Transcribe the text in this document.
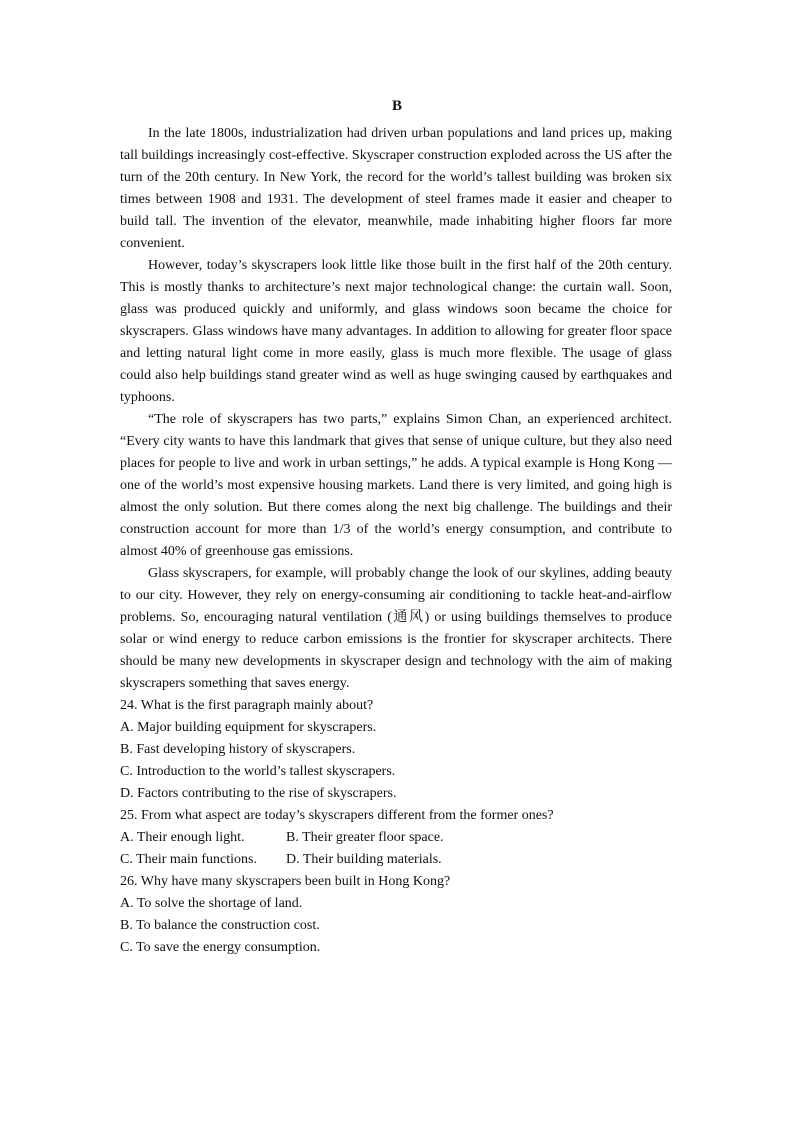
B

In the late 1800s, industrialization had driven urban populations and land prices up, making tall buildings increasingly cost-effective. Skyscraper construction exploded across the US after the turn of the 20th century. In New York, the record for the world’s tallest building was broken six times between 1908 and 1931. The development of steel frames made it easier and cheaper to build tall. The invention of the elevator, meanwhile, made inhabiting higher floors far more convenient.

However, today’s skyscrapers look little like those built in the first half of the 20th century. This is mostly thanks to architecture’s next major technological change: the curtain wall. Soon, glass was produced quickly and uniformly, and glass windows soon became the choice for skyscrapers. Glass windows have many advantages. In addition to allowing for greater floor space and letting natural light come in more easily, glass is much more flexible. The usage of glass could also help buildings stand greater wind as well as huge swinging caused by earthquakes and typhoons.

“The role of skyscrapers has two parts,” explains Simon Chan, an experienced architect. “Every city wants to have this landmark that gives that sense of unique culture, but they also need places for people to live and work in urban settings,” he adds. A typical example is Hong Kong — one of the world’s most expensive housing markets. Land there is very limited, and going high is almost the only solution. But there comes along the next big challenge. The buildings and their construction account for more than 1/3 of the world’s energy consumption, and contribute to almost 40% of greenhouse gas emissions.

Glass skyscrapers, for example, will probably change the look of our skylines, adding beauty to our city. However, they rely on energy-consuming air conditioning to tackle heat-and-airflow problems. So, encouraging natural ventilation (通风) or using buildings themselves to produce solar or wind energy to reduce carbon emissions is the frontier for skyscraper architects. There should be many new developments in skyscraper design and technology with the aim of making skyscrapers something that saves energy.

24. What is the first paragraph mainly about?

A. Major building equipment for skyscrapers.

B. Fast developing history of skyscrapers.

C. Introduction to the world’s tallest skyscrapers.

D. Factors contributing to the rise of skyscrapers.

25. From what aspect are today’s skyscrapers different from the former ones?

A. Their enough light.	B. Their greater floor space.

C. Their main functions. D. Their building materials.

26. Why have many skyscrapers been built in Hong Kong?

A. To solve the shortage of land.

B. To balance the construction cost.

C. To save the energy consumption.
